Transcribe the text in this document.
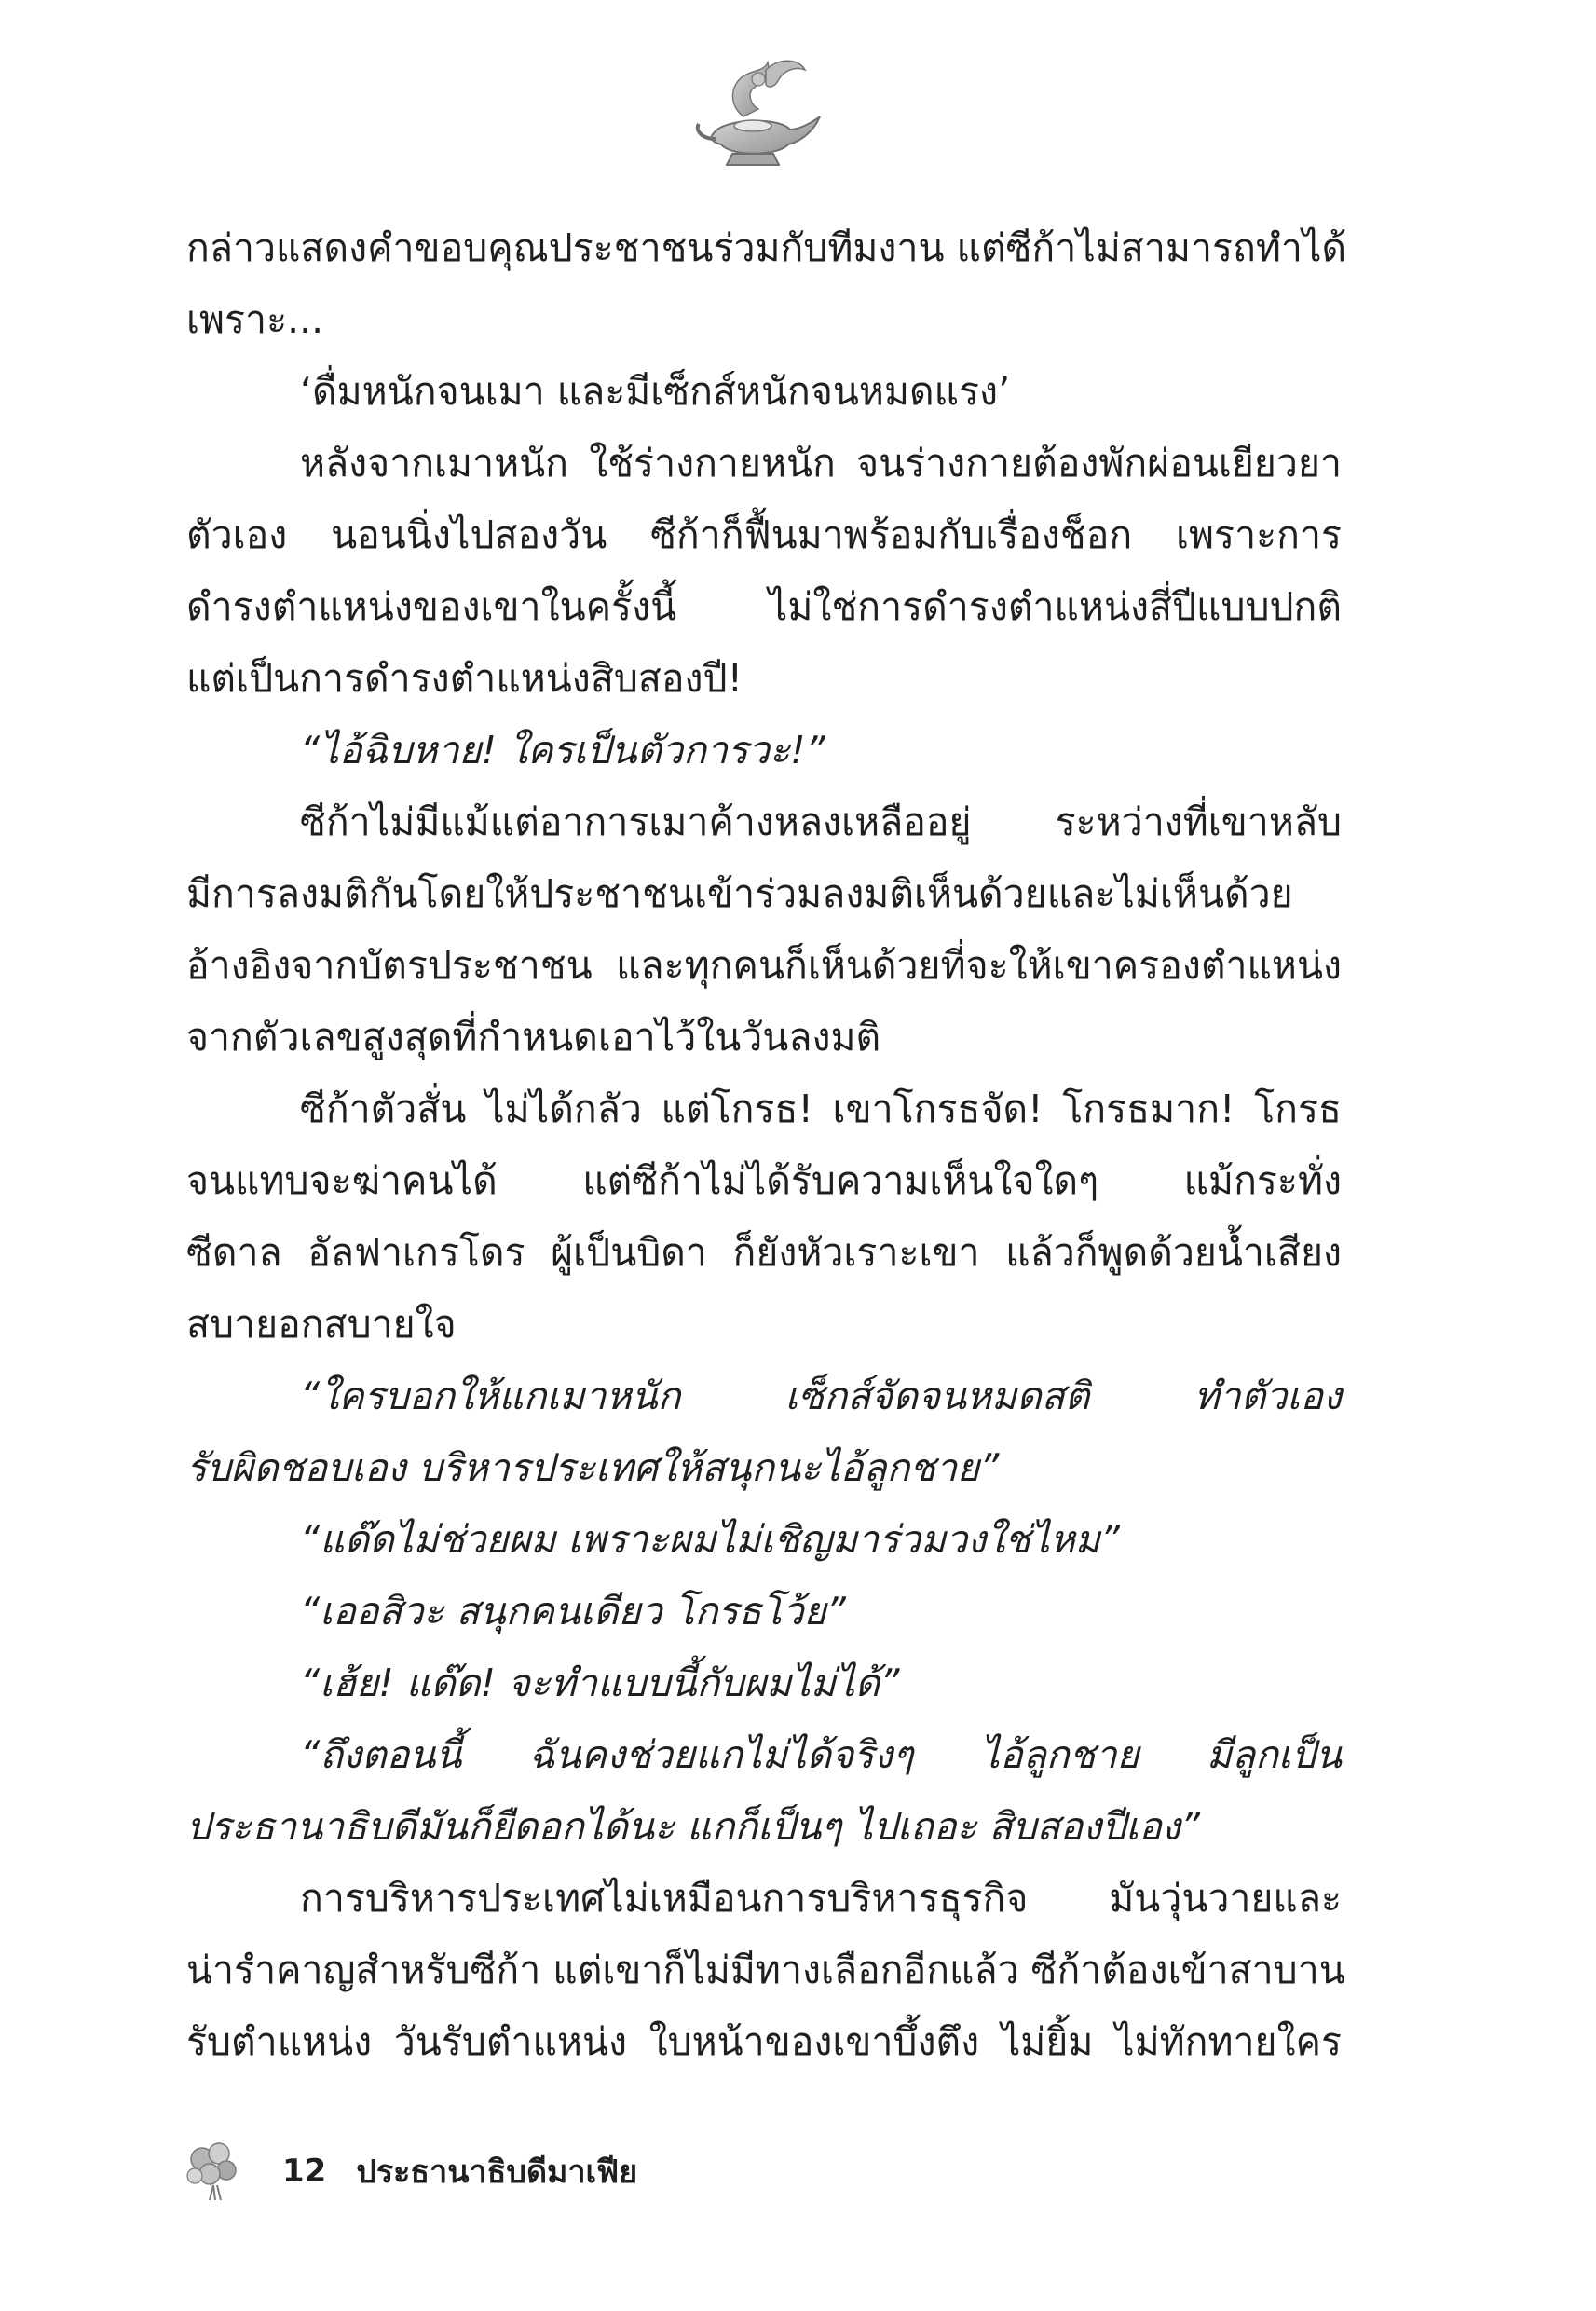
กล่าวแสดงคำขอบคุณประชาชนร่วมกับทีมงาน แต่ซีก้าไม่สามารถทำได้
เพราะ...
‘ดื่มหนักจนเมา และมีเซ็กส์หนักจนหมดแรง’
หลังจากเมาหนัก ใช้ร่างกายหนัก จนร่างกายต้องพักผ่อนเยียวยา
ตัวเอง นอนนิ่งไปสองวัน ซีก้าก็ฟื้นมาพร้อมกับเรื่องช็อก เพราะการ
ดำรงตำแหน่งของเขาในครั้งนี้ ไม่ใช่การดำรงตำแหน่งสี่ปีแบบปกติ
แต่เป็นการดำรงตำแหน่งสิบสองปี!
“ไอ้ฉิบหาย! ใครเป็นตัวการวะ!”
ซีก้าไม่มีแม้แต่อาการเมาค้างหลงเหลืออยู่ ระหว่างที่เขาหลับ
มีการลงมติกันโดยให้ประชาชนเข้าร่วมลงมติเห็นด้วยและไม่เห็นด้วย
อ้างอิงจากบัตรประชาชน และทุกคนก็เห็นด้วยที่จะให้เขาครองตำแหน่ง
จากตัวเลขสูงสุดที่กำหนดเอาไว้ในวันลงมติ
ซีก้าตัวสั่น ไม่ได้กลัว แต่โกรธ! เขาโกรธจัด! โกรธมาก! โกรธ
จนแทบจะฆ่าคนได้ แต่ซีก้าไม่ได้รับความเห็นใจใดๆ แม้กระทั่ง
ซีดาล อัลฟาเกรโดร ผู้เป็นบิดา ก็ยังหัวเราะเขา แล้วก็พูดด้วยน้ำเสียง
สบายอกสบายใจ
“ใครบอกให้แกเมาหนัก เซ็กส์จัดจนหมดสติ ทำตัวเอง
รับผิดชอบเอง บริหารประเทศให้สนุกนะไอ้ลูกชาย”
“แด๊ดไม่ช่วยผม เพราะผมไม่เชิญมาร่วมวงใช่ไหม”
“เออสิวะ สนุกคนเดียว โกรธโว้ย”
“เฮ้ย! แด๊ด! จะทำแบบนี้กับผมไม่ได้”
“ถึงตอนนี้ ฉันคงช่วยแกไม่ได้จริงๆ ไอ้ลูกชาย มีลูกเป็น
ประธานาธิบดีมันก็ยืดอกได้นะ แกก็เป็นๆ ไปเถอะ สิบสองปีเอง”
การบริหารประเทศไม่เหมือนการบริหารธุรกิจ มันวุ่นวายและ
น่ารำคาญสำหรับซีก้า แต่เขาก็ไม่มีทางเลือกอีกแล้ว ซีก้าต้องเข้าสาบาน
รับตำแหน่ง วันรับตำแหน่ง ใบหน้าของเขาบึ้งตึง ไม่ยิ้ม ไม่ทักทายใคร
12 ประธานาธิบดีมาเฟีย
